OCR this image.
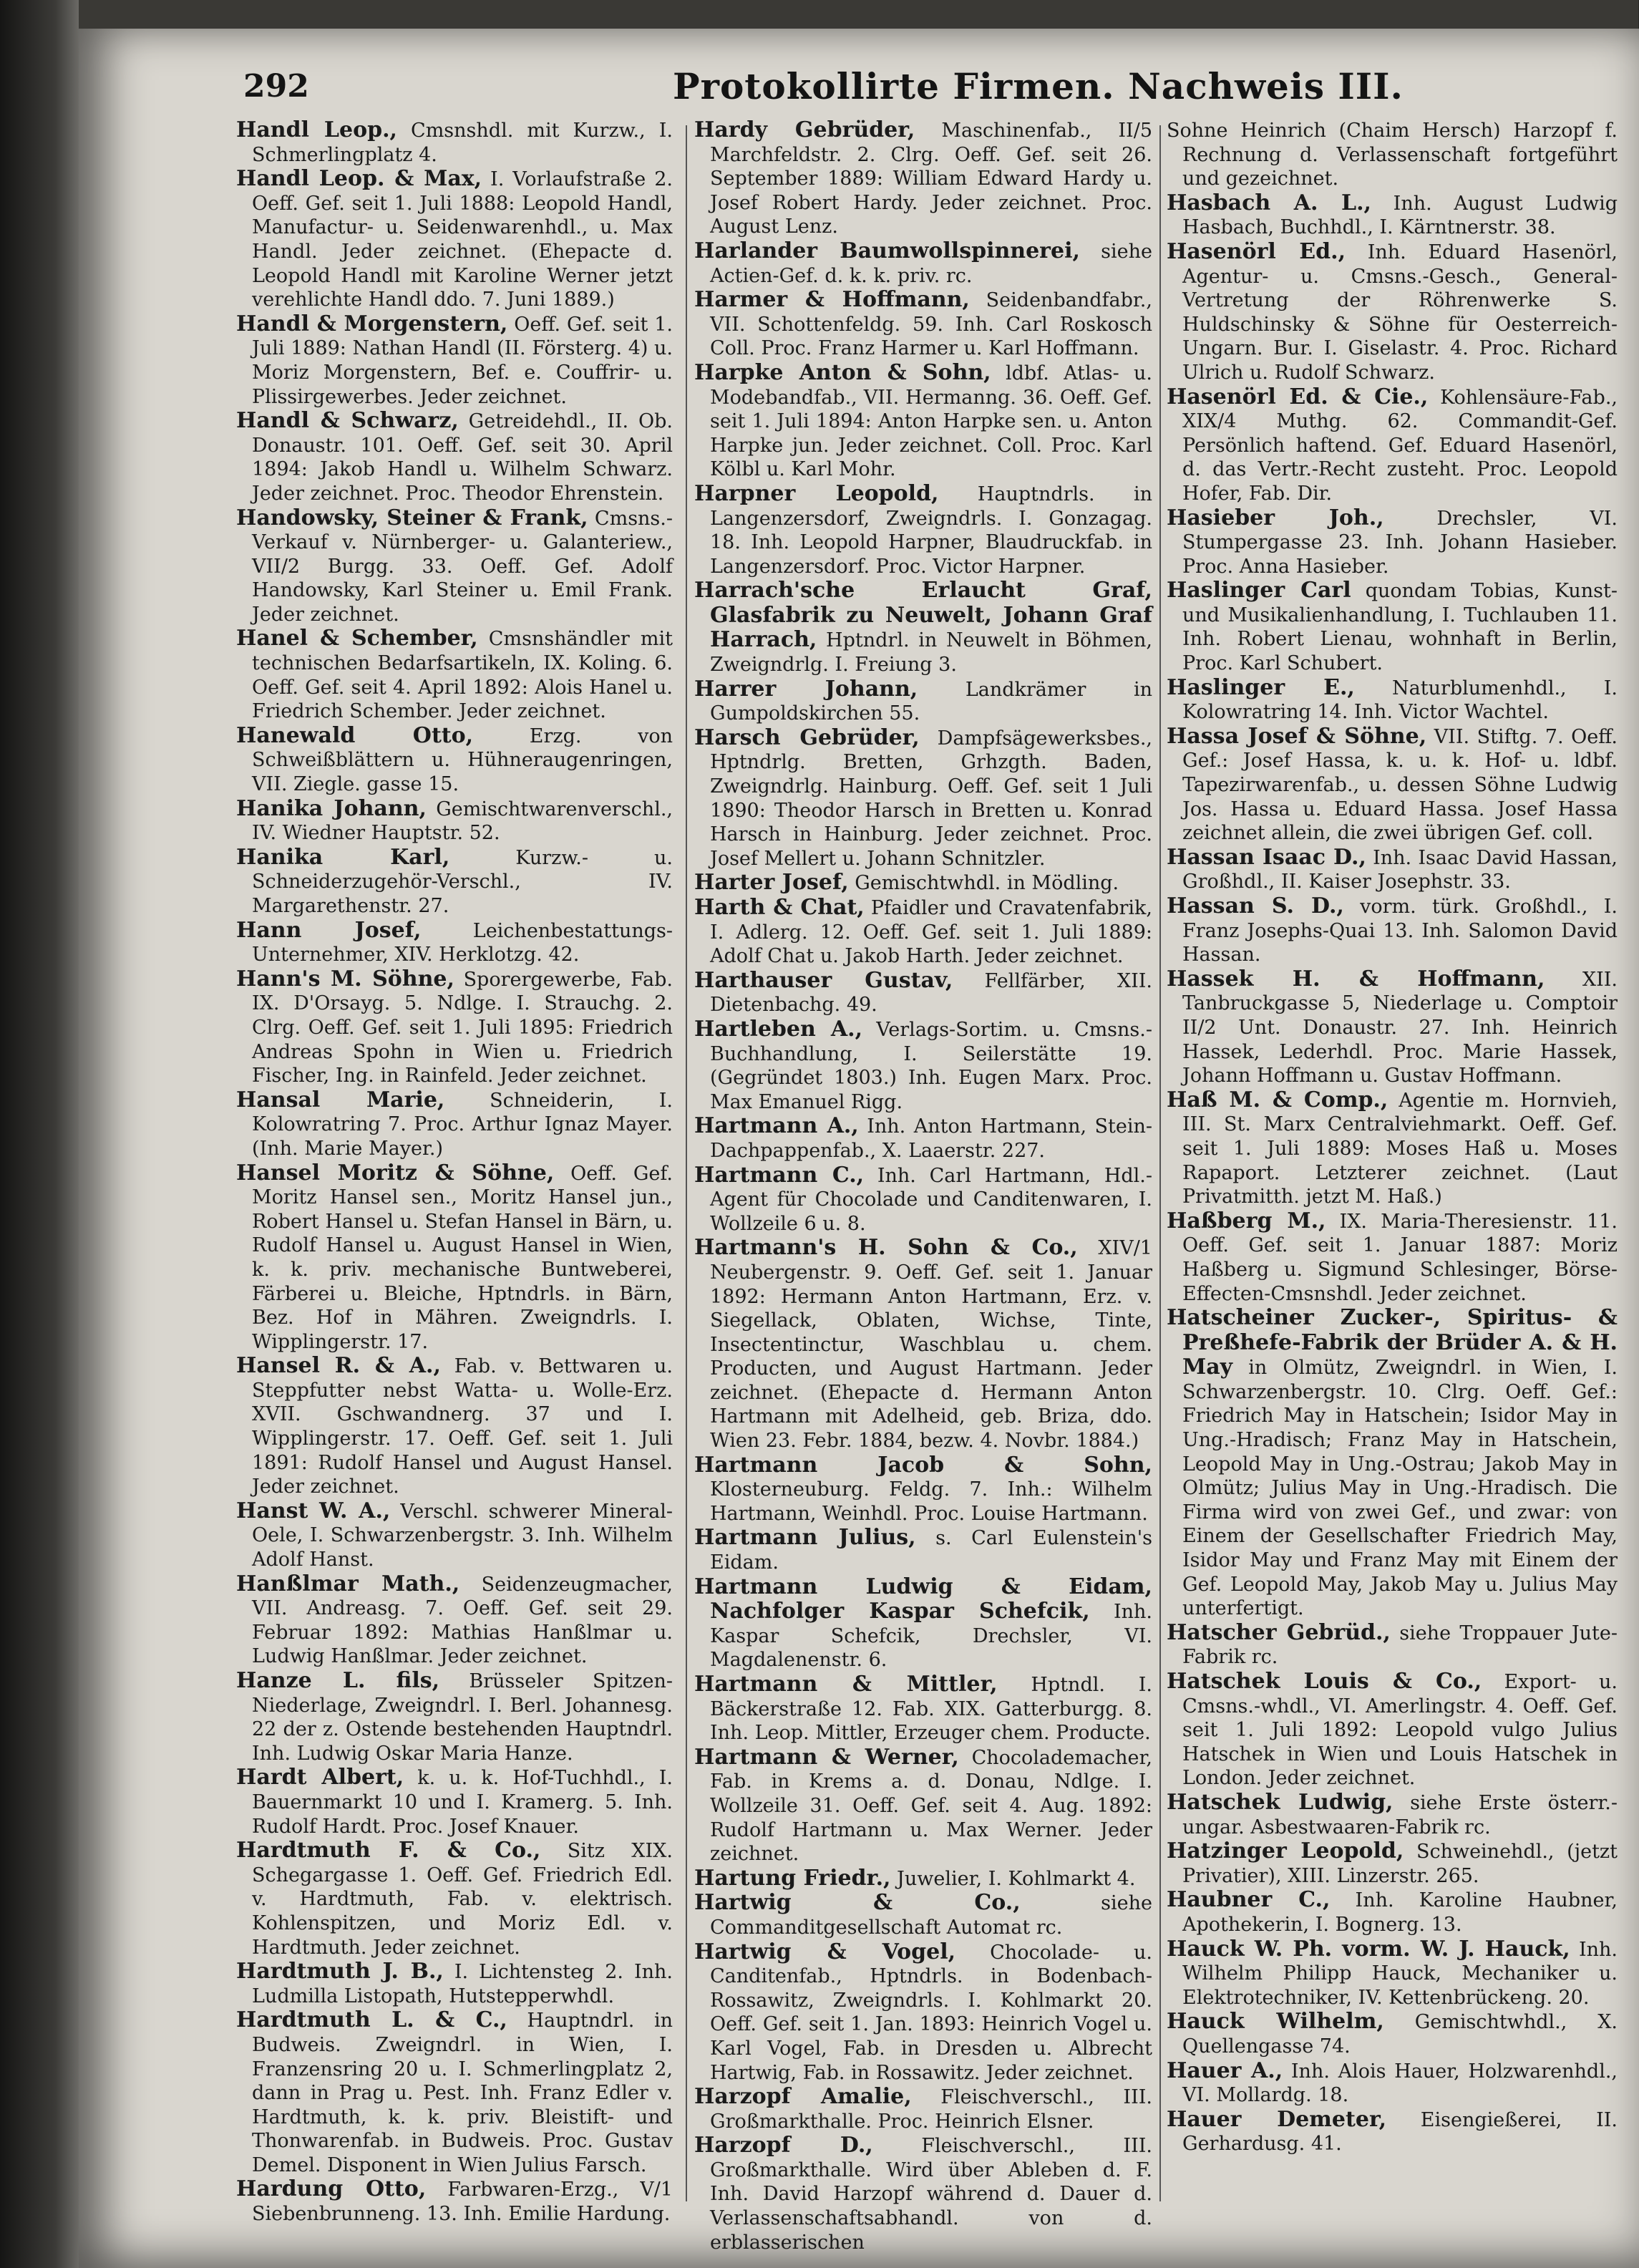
292	Protokollirte Firmen. Nachweis III.
Handl Leop., Cmsnshdl. mit Kurzw., I. Schmerlingplatz 4.
Handl Leop. & Max, I. Vorlaufstraße 2. Oeff. Gef. seit 1. Juli 1888: Leopold Handl, Manufactur- u. Seidenwarenhdl., u. Max Handl. Jeder zeichnet. (Ehepacte d. Leopold Handl mit Karoline Werner jetzt verehlichte Handl ddo. 7. Juni 1889.)
Handl & Morgenstern, Oeff. Gef. seit 1. Juli 1889: Nathan Handl (II. Försterg. 4) u. Moriz Morgenstern, Bef. e. Couffrir- u. Plissirgewerbes. Jeder zeichnet.
Handl & Schwarz, Getreidehdl., II. Ob. Donaustr. 101. Oeff. Gef. seit 30. April 1894: Jakob Handl u. Wilhelm Schwarz. Jeder zeichnet. Proc. Theodor Ehrenstein.
Handowsky, Steiner & Frank, Cmsns.-Verkauf v. Nürnberger- u. Galanteriew., VII/2 Burgg. 33. Oeff. Gef. Adolf Handowsky, Karl Steiner u. Emil Frank. Jeder zeichnet.
Hanel & Schember, Cmsnshändler mit technischen Bedarfsartikeln, IX. Koling. 6. Oeff. Gef. seit 4. April 1892: Alois Hanel u. Friedrich Schember. Jeder zeichnet.
Hanewald Otto, Erzg. von Schweißblättern u. Hühneraugenringen, VII. Ziegle. gasse 15.
Hanika Johann, Gemischtwarenverschl., IV. Wiedner Hauptstr. 52.
Hanika Karl, Kurzw.- u. Schneiderzugehör-Verschl., IV. Margarethenstr. 27.
Hann Josef, Leichenbestattungs-Unternehmer, XIV. Herklotzg. 42.
Hann's M. Söhne, Sporergewerbe, Fab. IX. D'Orsayg. 5. Ndlge. I. Strauchg. 2. Clrg. Oeff. Gef. seit 1. Juli 1895: Friedrich Andreas Spohn in Wien u. Friedrich Fischer, Ing. in Rainfeld. Jeder zeichnet.
Hansal Marie, Schneiderin, I. Kolowratring 7. Proc. Arthur Ignaz Mayer. (Inh. Marie Mayer.)
Hansel Moritz & Söhne, Oeff. Gef. Moritz Hansel sen., Moritz Hansel jun., Robert Hansel u. Stefan Hansel in Bärn, u. Rudolf Hansel u. August Hansel in Wien, k. k. priv. mechanische Buntweberei, Färberei u. Bleiche, Hptndrls. in Bärn, Bez. Hof in Mähren. Zweigndrls. I. Wipplingerstr. 17.
Hansel R. & A., Fab. v. Bettwaren u. Steppfutter nebst Watta- u. Wolle-Erz. XVII. Gschwandnerg. 37 und I. Wipplingerstr. 17. Oeff. Gef. seit 1. Juli 1891: Rudolf Hansel und August Hansel. Jeder zeichnet.
Hanst W. A., Verschl. schwerer Mineral-Oele, I. Schwarzenbergstr. 3. Inh. Wilhelm Adolf Hanst.
Hanßlmar Math., Seidenzeugmacher, VII. Andreasg. 7. Oeff. Gef. seit 29. Februar 1892: Mathias Hanßlmar u. Ludwig Hanßlmar. Jeder zeichnet.
Hanze L. fils, Brüsseler Spitzen-Niederlage, Zweigndrl. I. Berl. Johannesg. 22 der z. Ostende bestehenden Hauptndrl. Inh. Ludwig Oskar Maria Hanze.
Hardt Albert, k. u. k. Hof-Tuchhdl., I. Bauernmarkt 10 und I. Kramerg. 5. Inh. Rudolf Hardt. Proc. Josef Knauer.
Hardtmuth F. & Co., Sitz XIX. Schegargasse 1. Oeff. Gef. Friedrich Edl. v. Hardtmuth, Fab. v. elektrisch. Kohlenspitzen, und Moriz Edl. v. Hardtmuth. Jeder zeichnet.
Hardtmuth J. B., I. Lichtensteg 2. Inh. Ludmilla Listopath, Hutstepperwhdl.
Hardtmuth L. & C., Hauptndrl. in Budweis. Zweigndrl. in Wien, I. Franzensring 20 u. I. Schmerlingplatz 2, dann in Prag u. Pest. Inh. Franz Edler v. Hardtmuth, k. k. priv. Bleistift- und Thonwarenfab. in Budweis. Proc. Gustav Demel. Disponent in Wien Julius Farsch.
Hardung Otto, Farbwaren-Erzg., V/1 Siebenbrunneng. 13. Inh. Emilie Hardung.
Hardy Gebrüder, Maschinenfab., II/5 Marchfeldstr. 2. Clrg. Oeff. Gef. seit 26. September 1889: William Edward Hardy u. Josef Robert Hardy. Jeder zeichnet. Proc. August Lenz.
Harlander Baumwollspinnerei, siehe Actien-Gef. d. k. k. priv. rc.
Harmer & Hoffmann, Seidenbandfabr., VII. Schottenfeldg. 59. Inh. Carl Roskosch Coll. Proc. Franz Harmer u. Karl Hoffmann.
Harpke Anton & Sohn, ldbf. Atlas- u. Modebandfab., VII. Hermanng. 36. Oeff. Gef. seit 1. Juli 1894: Anton Harpke sen. u. Anton Harpke jun. Jeder zeichnet. Coll. Proc. Karl Kölbl u. Karl Mohr.
Harpner Leopold, Hauptndrls. in Langenzersdorf, Zweigndrls. I. Gonzagag. 18. Inh. Leopold Harpner, Blaudruckfab. in Langenzersdorf. Proc. Victor Harpner.
Harrach'sche Erlaucht Graf, Glasfabrik zu Neuwelt, Johann Graf Harrach, Hptndrl. in Neuwelt in Böhmen, Zweigndrlg. I. Freiung 3.
Harrer Johann, Landkrämer in Gumpoldskirchen 55.
Harsch Gebrüder, Dampfsägewerksbes., Hptndrlg. Bretten, Grhzgth. Baden, Zweigndrlg. Hainburg. Oeff. Gef. seit 1 Juli 1890: Theodor Harsch in Bretten u. Konrad Harsch in Hainburg. Jeder zeichnet. Proc. Josef Mellert u. Johann Schnitzler.
Harter Josef, Gemischtwhdl. in Mödling.
Harth & Chat, Pfaidler und Cravatenfabrik, I. Adlerg. 12. Oeff. Gef. seit 1. Juli 1889: Adolf Chat u. Jakob Harth. Jeder zeichnet.
Harthauser Gustav, Fellfärber, XII. Dietenbachg. 49.
Hartleben A., Verlags-Sortim. u. Cmsns.-Buchhandlung, I. Seilerstätte 19. (Gegründet 1803.) Inh. Eugen Marx. Proc. Max Emanuel Rigg.
Hartmann A., Inh. Anton Hartmann, Stein-Dachpappenfab., X. Laaerstr. 227.
Hartmann C., Inh. Carl Hartmann, Hdl.-Agent für Chocolade und Canditenwaren, I. Wollzeile 6 u. 8.
Hartmann's H. Sohn & Co., XIV/1 Neubergenstr. 9. Oeff. Gef. seit 1. Januar 1892: Hermann Anton Hartmann, Erz. v. Siegellack, Oblaten, Wichse, Tinte, Insectentinctur, Waschblau u. chem. Producten, und August Hartmann. Jeder zeichnet. (Ehepacte d. Hermann Anton Hartmann mit Adelheid, geb. Briza, ddo. Wien 23. Febr. 1884, bezw. 4. Novbr. 1884.)
Hartmann Jacob & Sohn, Klosterneuburg. Feldg. 7. Inh.: Wilhelm Hartmann, Weinhdl. Proc. Louise Hartmann.
Hartmann Julius, s. Carl Eulenstein's Eidam.
Hartmann Ludwig & Eidam, Nachfolger Kaspar Schefcik, Inh. Kaspar Schefcik, Drechsler, VI. Magdalenenstr. 6.
Hartmann & Mittler, Hptndl. I. Bäckerstraße 12. Fab. XIX. Gatterburgg. 8. Inh. Leop. Mittler, Erzeuger chem. Producte.
Hartmann & Werner, Chocolademacher, Fab. in Krems a. d. Donau, Ndlge. I. Wollzeile 31. Oeff. Gef. seit 4. Aug. 1892: Rudolf Hartmann u. Max Werner. Jeder zeichnet.
Hartung Friedr., Juwelier, I. Kohlmarkt 4.
Hartwig & Co., siehe Commanditgesellschaft Automat rc.
Hartwig & Vogel, Chocolade- u. Canditenfab., Hptndrls. in Bodenbach-Rossawitz, Zweigndrls. I. Kohlmarkt 20. Oeff. Gef. seit 1. Jan. 1893: Heinrich Vogel u. Karl Vogel, Fab. in Dresden u. Albrecht Hartwig, Fab. in Rossawitz. Jeder zeichnet.
Harzopf Amalie, Fleischverschl., III. Großmarkthalle. Proc. Heinrich Elsner.
Harzopf D., Fleischverschl., III. Großmarkthalle. Wird über Ableben d. F. Inh. David Harzopf während d. Dauer d. Verlassenschaftsabhandl. von d. erblasserischen
Sohne Heinrich (Chaim Hersch) Harzopf f. Rechnung d. Verlassenschaft fortgeführt und gezeichnet.
Hasbach A. L., Inh. August Ludwig Hasbach, Buchhdl., I. Kärntnerstr. 38.
Hasenörl Ed., Inh. Eduard Hasenörl, Agentur- u. Cmsns.-Gesch., General-Vertretung der Röhrenwerke S. Huldschinsky & Söhne für Oesterreich-Ungarn. Bur. I. Giselastr. 4. Proc. Richard Ulrich u. Rudolf Schwarz.
Hasenörl Ed. & Cie., Kohlensäure-Fab., XIX/4 Muthg. 62. Commandit-Gef. Persönlich haftend. Gef. Eduard Hasenörl, d. das Vertr.-Recht zusteht. Proc. Leopold Hofer, Fab. Dir.
Hasieber Joh., Drechsler, VI. Stumpergasse 23. Inh. Johann Hasieber. Proc. Anna Hasieber.
Haslinger Carl quondam Tobias, Kunst- und Musikalienhandlung, I. Tuchlauben 11. Inh. Robert Lienau, wohnhaft in Berlin, Proc. Karl Schubert.
Haslinger E., Naturblumenhdl., I. Kolowratring 14. Inh. Victor Wachtel.
Hassa Josef & Söhne, VII. Stiftg. 7. Oeff. Gef.: Josef Hassa, k. u. k. Hof- u. ldbf. Tapezirwarenfab., u. dessen Söhne Ludwig Jos. Hassa u. Eduard Hassa. Josef Hassa zeichnet allein, die zwei übrigen Gef. coll.
Hassan Isaac D., Inh. Isaac David Hassan, Großhdl., II. Kaiser Josephstr. 33.
Hassan S. D., vorm. türk. Großhdl., I. Franz Josephs-Quai 13. Inh. Salomon David Hassan.
Hassek H. & Hoffmann, XII. Tanbruckgasse 5, Niederlage u. Comptoir II/2 Unt. Donaustr. 27. Inh. Heinrich Hassek, Lederhdl. Proc. Marie Hassek, Johann Hoffmann u. Gustav Hoffmann.
Haß M. & Comp., Agentie m. Hornvieh, III. St. Marx Centralviehmarkt. Oeff. Gef. seit 1. Juli 1889: Moses Haß u. Moses Rapaport. Letzterer zeichnet. (Laut Privatmitth. jetzt M. Haß.)
Haßberg M., IX. Maria-Theresienstr. 11. Oeff. Gef. seit 1. Januar 1887: Moriz Haßberg u. Sigmund Schlesinger, Börse-Effecten-Cmsnshdl. Jeder zeichnet.
Hatscheiner Zucker-, Spiritus- & Preßhefe-Fabrik der Brüder A. & H. May in Olmütz, Zweigndrl. in Wien, I. Schwarzenbergstr. 10. Clrg. Oeff. Gef.: Friedrich May in Hatschein; Isidor May in Ung.-Hradisch; Franz May in Hatschein, Leopold May in Ung.-Ostrau; Jakob May in Olmütz; Julius May in Ung.-Hradisch. Die Firma wird von zwei Gef., und zwar: von Einem der Gesellschafter Friedrich May, Isidor May und Franz May mit Einem der Gef. Leopold May, Jakob May u. Julius May unterfertigt.
Hatscher Gebrüd., siehe Troppauer Jute-Fabrik rc.
Hatschek Louis & Co., Export- u. Cmsns.-whdl., VI. Amerlingstr. 4. Oeff. Gef. seit 1. Juli 1892: Leopold vulgo Julius Hatschek in Wien und Louis Hatschek in London. Jeder zeichnet.
Hatschek Ludwig, siehe Erste österr.-ungar. Asbestwaaren-Fabrik rc.
Hatzinger Leopold, Schweinehdl., (jetzt Privatier), XIII. Linzerstr. 265.
Haubner C., Inh. Karoline Haubner, Apothekerin, I. Bognerg. 13.
Hauck W. Ph. vorm. W. J. Hauck, Inh. Wilhelm Philipp Hauck, Mechaniker u. Elektrotechniker, IV. Kettenbrückeng. 20.
Hauck Wilhelm, Gemischtwhdl., X. Quellengasse 74.
Hauer A., Inh. Alois Hauer, Holzwarenhdl., VI. Mollardg. 18.
Hauer Demeter, Eisengießerei, II. Gerhardusg. 41.
